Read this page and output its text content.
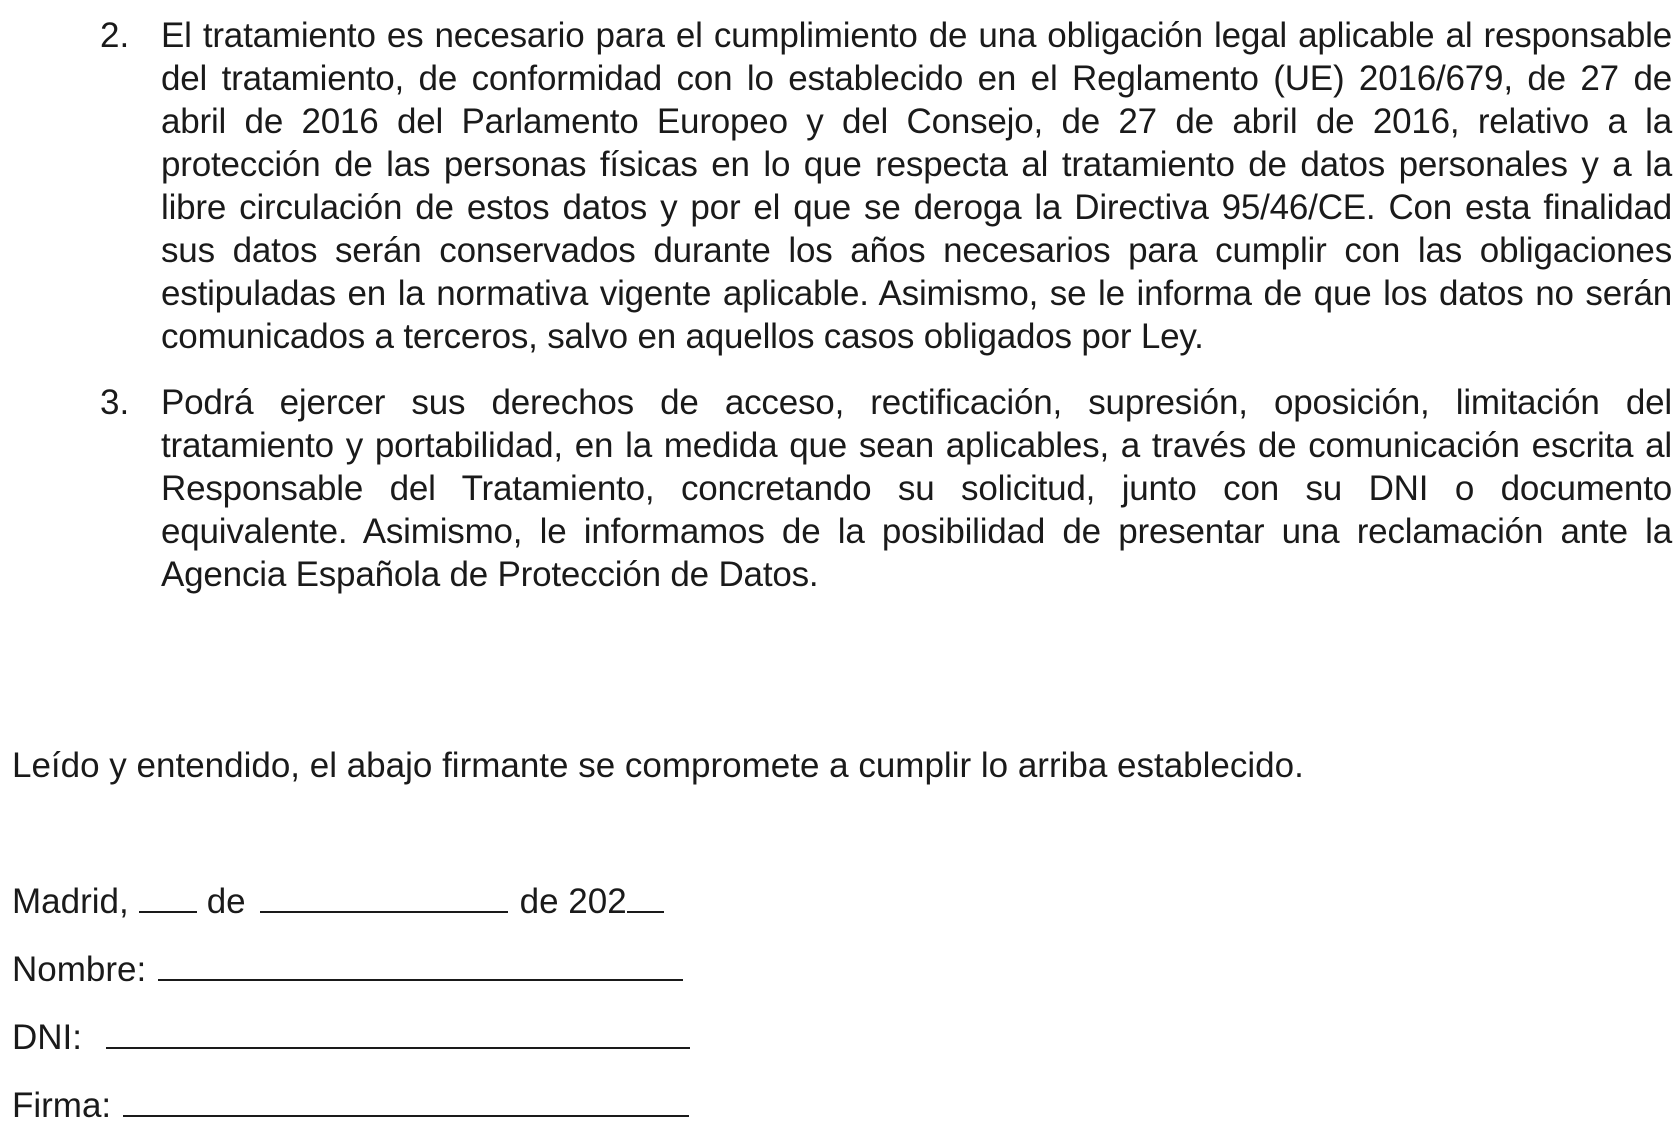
2. El tratamiento es necesario para el cumplimiento de una obligación legal aplicable al responsable del tratamiento, de conformidad con lo establecido en el Reglamento (UE) 2016/679, de 27 de abril de 2016 del Parlamento Europeo y del Consejo, de 27 de abril de 2016, relativo a la protección de las personas físicas en lo que respecta al tratamiento de datos personales y a la libre circulación de estos datos y por el que se deroga la Directiva 95/46/CE. Con esta finalidad sus datos serán conservados durante los años necesarios para cumplir con las obligaciones estipuladas en la normativa vigente aplicable. Asimismo, se le informa de que los datos no serán comunicados a terceros, salvo en aquellos casos obligados por Ley.
3. Podrá ejercer sus derechos de acceso, rectificación, supresión, oposición, limitación del tratamiento y portabilidad, en la medida que sean aplicables, a través de comunicación escrita al Responsable del Tratamiento, concretando su solicitud, junto con su DNI o documento equivalente. Asimismo, le informamos de la posibilidad de presentar una reclamación ante la Agencia Española de Protección de Datos.
Leído y entendido, el abajo firmante se compromete a cumplir lo arriba establecido.
Madrid, de	de 202
Nombre:
DNI:
Firma:
